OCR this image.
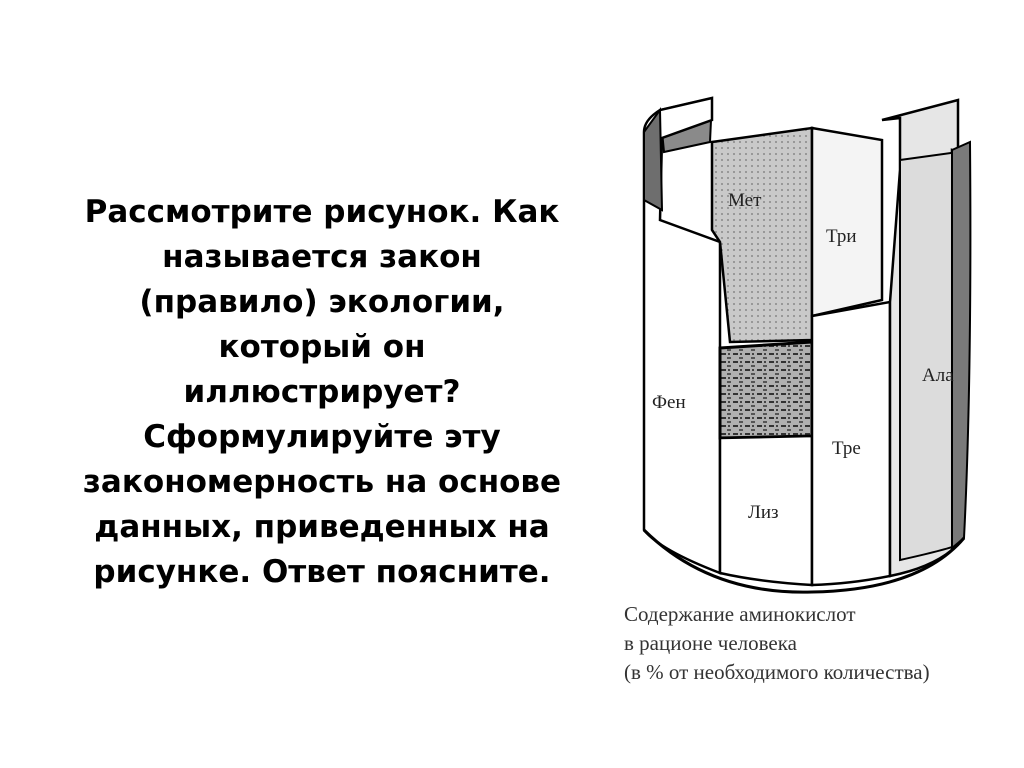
Рассмотрите рисунок. Как
называется закон
(правило) экологии,
который он
иллюстрирует?
Сформулируйте эту
закономерность на основе
данных, приведенных на
рисунке. Ответ поясните.
Мет
Три
Ала
Фен
Тре
Лиз
Содержание аминокислот
в рационе человека
(в % от необходимого количества)
